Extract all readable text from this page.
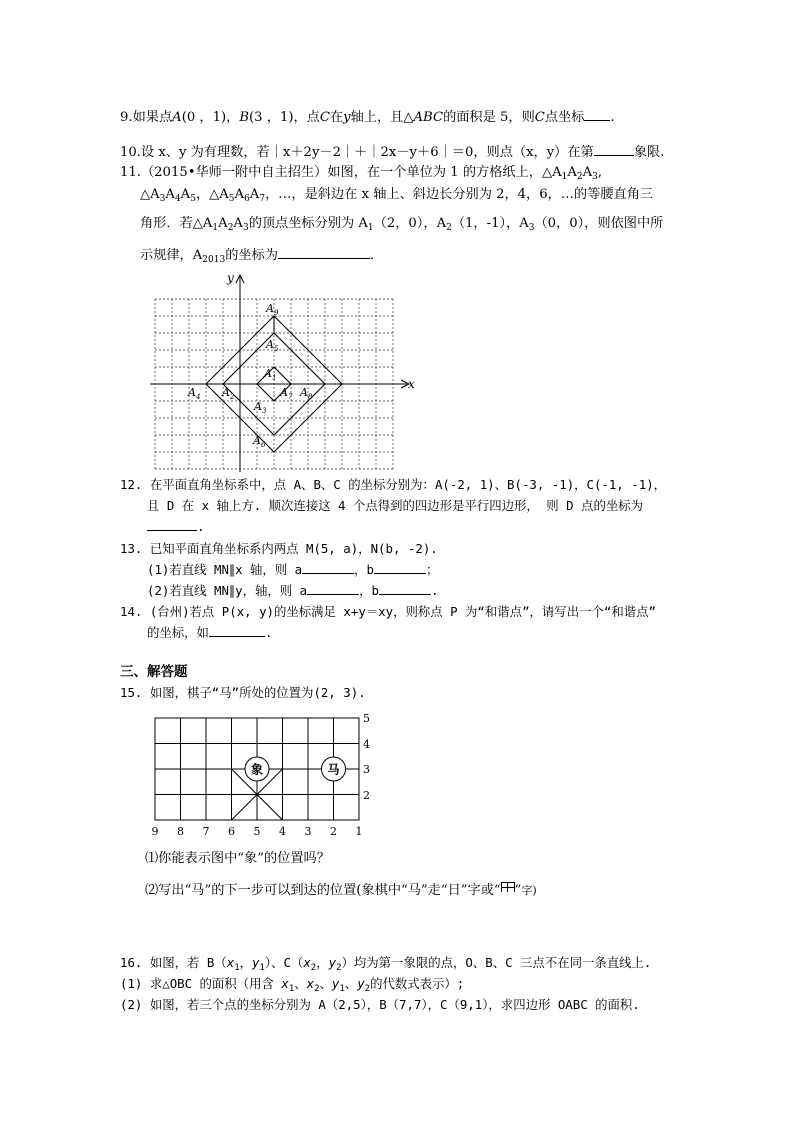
9.如果点A(0 ，1)，B(3 ，1)，点C在y轴上，且△ABC的面积是 5，则C点坐标 .
10.设 x、y 为有理数，若｜x＋2y－2｜＋｜2x－y＋6｜＝0，则点（x，y）在第	象限.
11.（2015•华师一附中自主招生）如图，在一个单位为 1 的方格纸上，$\triangle A_1A_2A_3$,
$\triangle A_3A_4A_5$，$\triangle A_5A_6A_7$，…，是斜边在 x 轴上、斜边长分别为 2，4，6，…的等腰直角三
角形．若$\triangle A_1A_2A_3$的顶点坐标分别为 $A_1(2$，0），$A_2(1$，-1），$A_3(0$，0），则依图中所
示规律，$A_{2013}$的坐标为	．
x
y
$A_9$
$A_5$
$A_1$
$A_3$
$A_6$
$A_4$ $A_2$	$A_7$ $A_8$
12. 在平面直角坐标系中，点 A、B、C 的坐标分别为：A(-2, 1)、B(-3, -1)，C(-1, -1)，
且 D 在 x 轴上方. 顺次连接这 4 个点得到的四边形是平行四边形， 则 D 点的坐标为
.
13. 已知平面直角坐标系内两点 M(5, a)，N(b, -2).
(1)若直线 MN∥x 轴，则 a	，b	；
(2)若直线 MN∥y，轴，则 a	，b	.
14. (台州)若点 P(x, y)的坐标满足 x+y＝xy，则称点 P 为“和谐点”，请写出一个“和谐点”
的坐标，如	.
三、解答题
15. 如图，棋子“马”所处的位置为(2, 3).
象	马
5
4
3
2
9 8 7 6 5 4 3 2 1
⑴你能表示图中“象”的位置吗？
⑵写出“马”的下一步可以到达的位置(象棋中“马”走“日”字或“ ”字)
16. 如图，若 $B(x_1$，$y_1$）、$C(x_2$，$y_2$）均为第一象限的点，O、B、C 三点不在同一条直线上.
(1) 求△OBC 的面积（用含 $x_1$、$x_2$、$y_1$、$y_2$的代数式表示）;
(2) 如图，若三个点的坐标分别为 A（2,5），B（7,7），C（9,1），求四边形 OABC 的面积.
